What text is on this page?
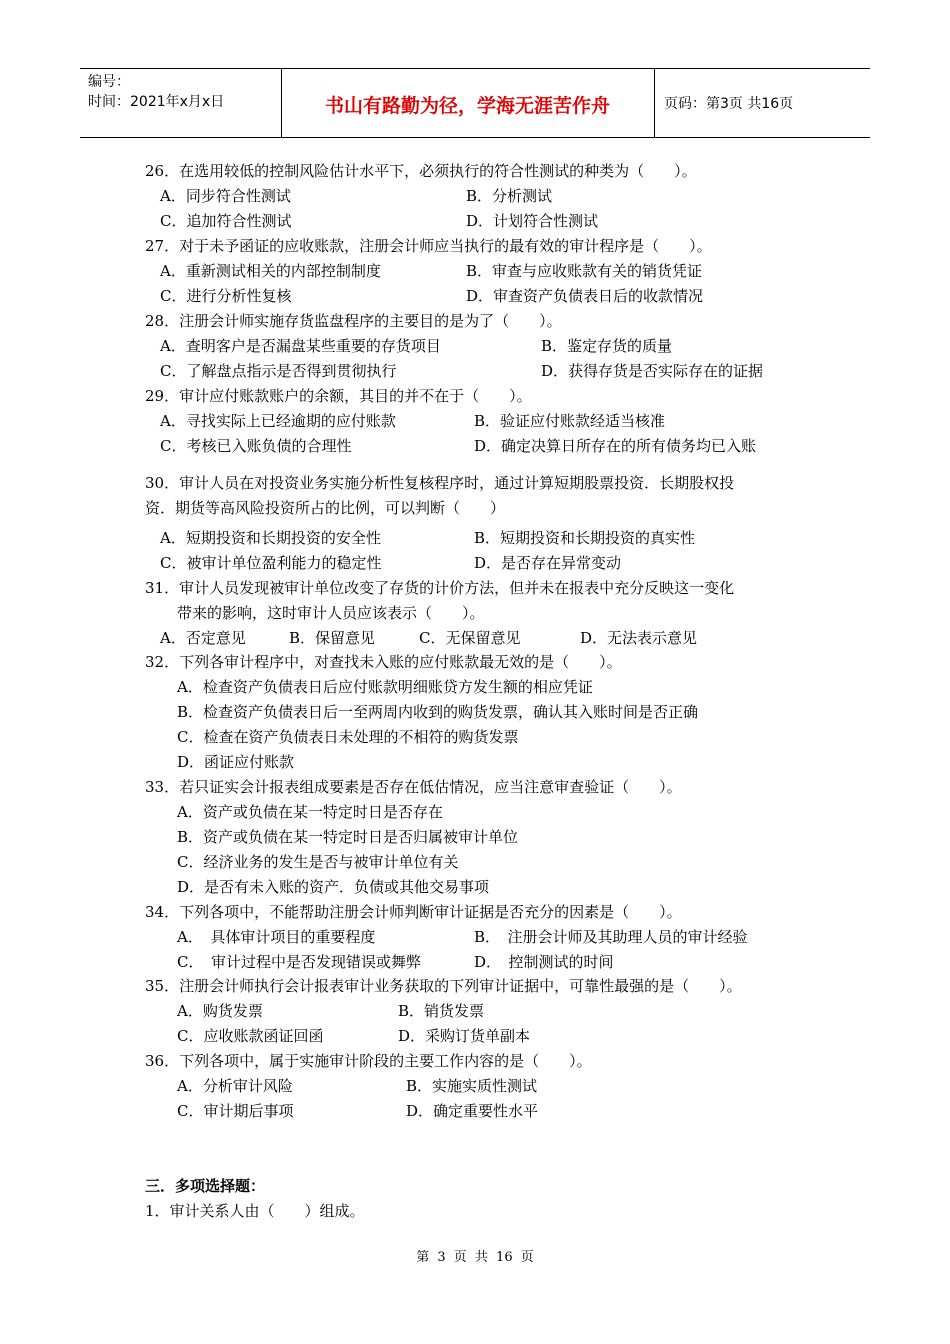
编号：
时间：2021年x月x日	书山有路勤为径，学海无涯苦作舟	页码：第3页 共16页
26．在选用较低的控制风险估计水平下，必须执行的符合性测试的种类为（　　）。
A．同步符合性测试	B．分析测试
C．追加符合性测试	D．计划符合性测试
27．对于未予函证的应收账款，注册会计师应当执行的最有效的审计程序是（　　）。
A．重新测试相关的内部控制制度	B．审查与应收账款有关的销货凭证
C．进行分析性复核	D．审查资产负债表日后的收款情况
28．注册会计师实施存货监盘程序的主要目的是为了（　　）。
A．查明客户是否漏盘某些重要的存货项目	B．鉴定存货的质量
C．了解盘点指示是否得到贯彻执行	D．获得存货是否实际存在的证据
29．审计应付账款账户的余额，其目的并不在于（　　）。
A．寻找实际上已经逾期的应付账款	B．验证应付账款经适当核准
C．考核已入账负债的合理性	D．确定决算日所存在的所有债务均已入账
30．审计人员在对投资业务实施分析性复核程序时，通过计算短期股票投资．长期股权投
资．期货等高风险投资所占的比例，可以判断（　　）
A．短期投资和长期投资的安全性	B．短期投资和长期投资的真实性
C．被审计单位盈利能力的稳定性	D．是否存在异常变动
31．审计人员发现被审计单位改变了存货的计价方法，但并未在报表中充分反映这一变化
带来的影响，这时审计人员应该表示（　　）。
A．否定意见	B．保留意见	C．无保留意见	D．无法表示意见
32．下列各审计程序中，对查找未入账的应付账款最无效的是（　　）。
A．检查资产负债表日后应付账款明细账贷方发生额的相应凭证
B．检查资产负债表日后一至两周内收到的购货发票，确认其入账时间是否正确
C．检查在资产负债表日未处理的不相符的购货发票
D．函证应付账款
33．若只证实会计报表组成要素是否存在低估情况，应当注意审查验证（　　）。
A．资产或负债在某一特定时日是否存在
B．资产或负债在某一特定时日是否归属被审计单位
C．经济业务的发生是否与被审计单位有关
D．是否有未入账的资产．负债或其他交易事项
34．下列各项中，不能帮助注册会计师判断审计证据是否充分的因素是（　　）。
A．　具体审计项目的重要程度	B．　注册会计师及其助理人员的审计经验
C．　审计过程中是否发现错误或舞弊	D．　控制测试的时间
35．注册会计师执行会计报表审计业务获取的下列审计证据中，可靠性最强的是（　　）。
A．购货发票	B．销货发票
C．应收账款函证回函	D．采购订货单副本
36．下列各项中，属于实施审计阶段的主要工作内容的是（　　）。
A．分析审计风险	B．实施实质性测试
C．审计期后事项	D．确定重要性水平
三．多项选择题：
1．审计关系人由（　　）组成。
第 3 页 共 16 页
